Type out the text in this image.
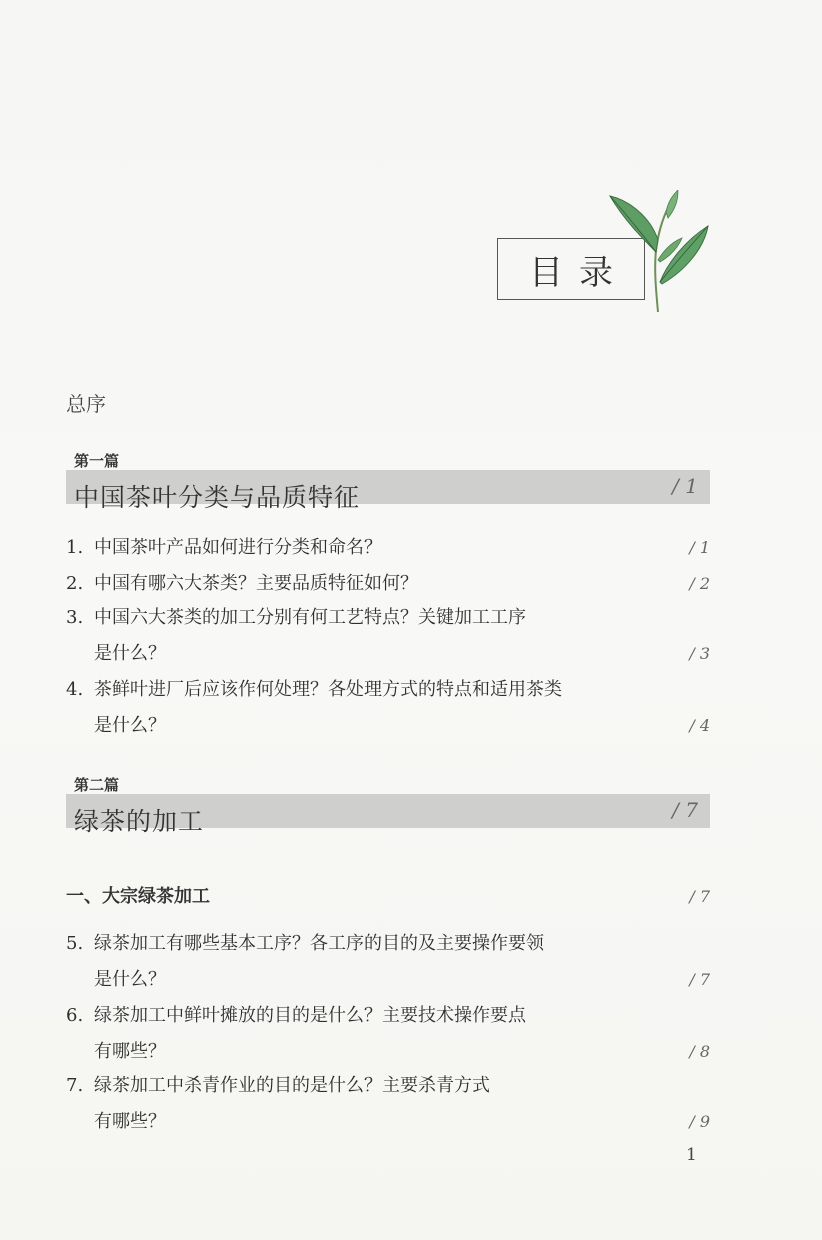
目录
总序
第一篇
中国茶叶分类与品质特征	/ 1
1. 中国茶叶产品如何进行分类和命名？	/ 1
2. 中国有哪六大茶类？主要品质特征如何？	/ 2
3. 中国六大茶类的加工分别有何工艺特点？关键加工工序
是什么？	/ 3
4. 茶鲜叶进厂后应该作何处理？各处理方式的特点和适用茶类
是什么？	/ 4
第二篇
绿茶的加工	/ 7
一、大宗绿茶加工	/ 7
5. 绿茶加工有哪些基本工序？各工序的目的及主要操作要领
是什么？	/ 7
6. 绿茶加工中鲜叶摊放的目的是什么？主要技术操作要点
有哪些？	/ 8
7. 绿茶加工中杀青作业的目的是什么？主要杀青方式
有哪些？	/ 9
1
